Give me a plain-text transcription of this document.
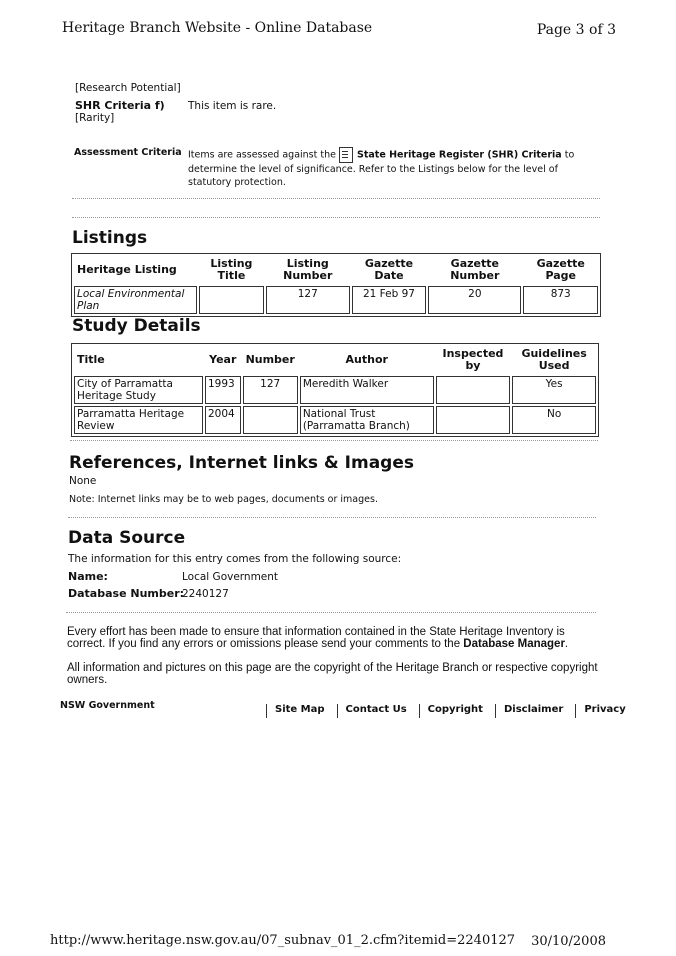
Heritage Branch Website - Online Database	Page 3 of 3
[Research Potential]
SHR Criteria f)
[Rarity]
This item is rare.
Assessment Criteria Items are assessed against the State Heritage Register (SHR) Criteria to
determine the level of significance. Refer to the Listings below for the level of
statutory protection.
Listings
Heritage Listing	Listing Title	Listing Number	Gazette Date	Gazette Number	Gazette Page
Local Environmental Plan		127	21 Feb 97	20	873
Study Details
Title	Year	Number	Author	Inspected by	Guidelines Used
City of Parramatta Heritage Study	1993	127	Meredith Walker		Yes
Parramatta Heritage Review	2004		National Trust (Parramatta Branch)		No
References, Internet links & Images
None
Note: Internet links may be to web pages, documents or images.
Data Source
The information for this entry comes from the following source:
Name:	Local Government
Database Number:
2240127
Every effort has been made to ensure that information contained in the State Heritage Inventory is
correct. If you find any errors or omissions please send your comments to the Database Manager.
All information and pictures on this page are the copyright of the Heritage Branch or respective copyright
owners.
NSW Government	Site Map Contact Us Copyright Disclaimer Privacy
http://www.heritage.nsw.gov.au/07_subnav_01_2.cfm?itemid=2240127 30/10/2008
